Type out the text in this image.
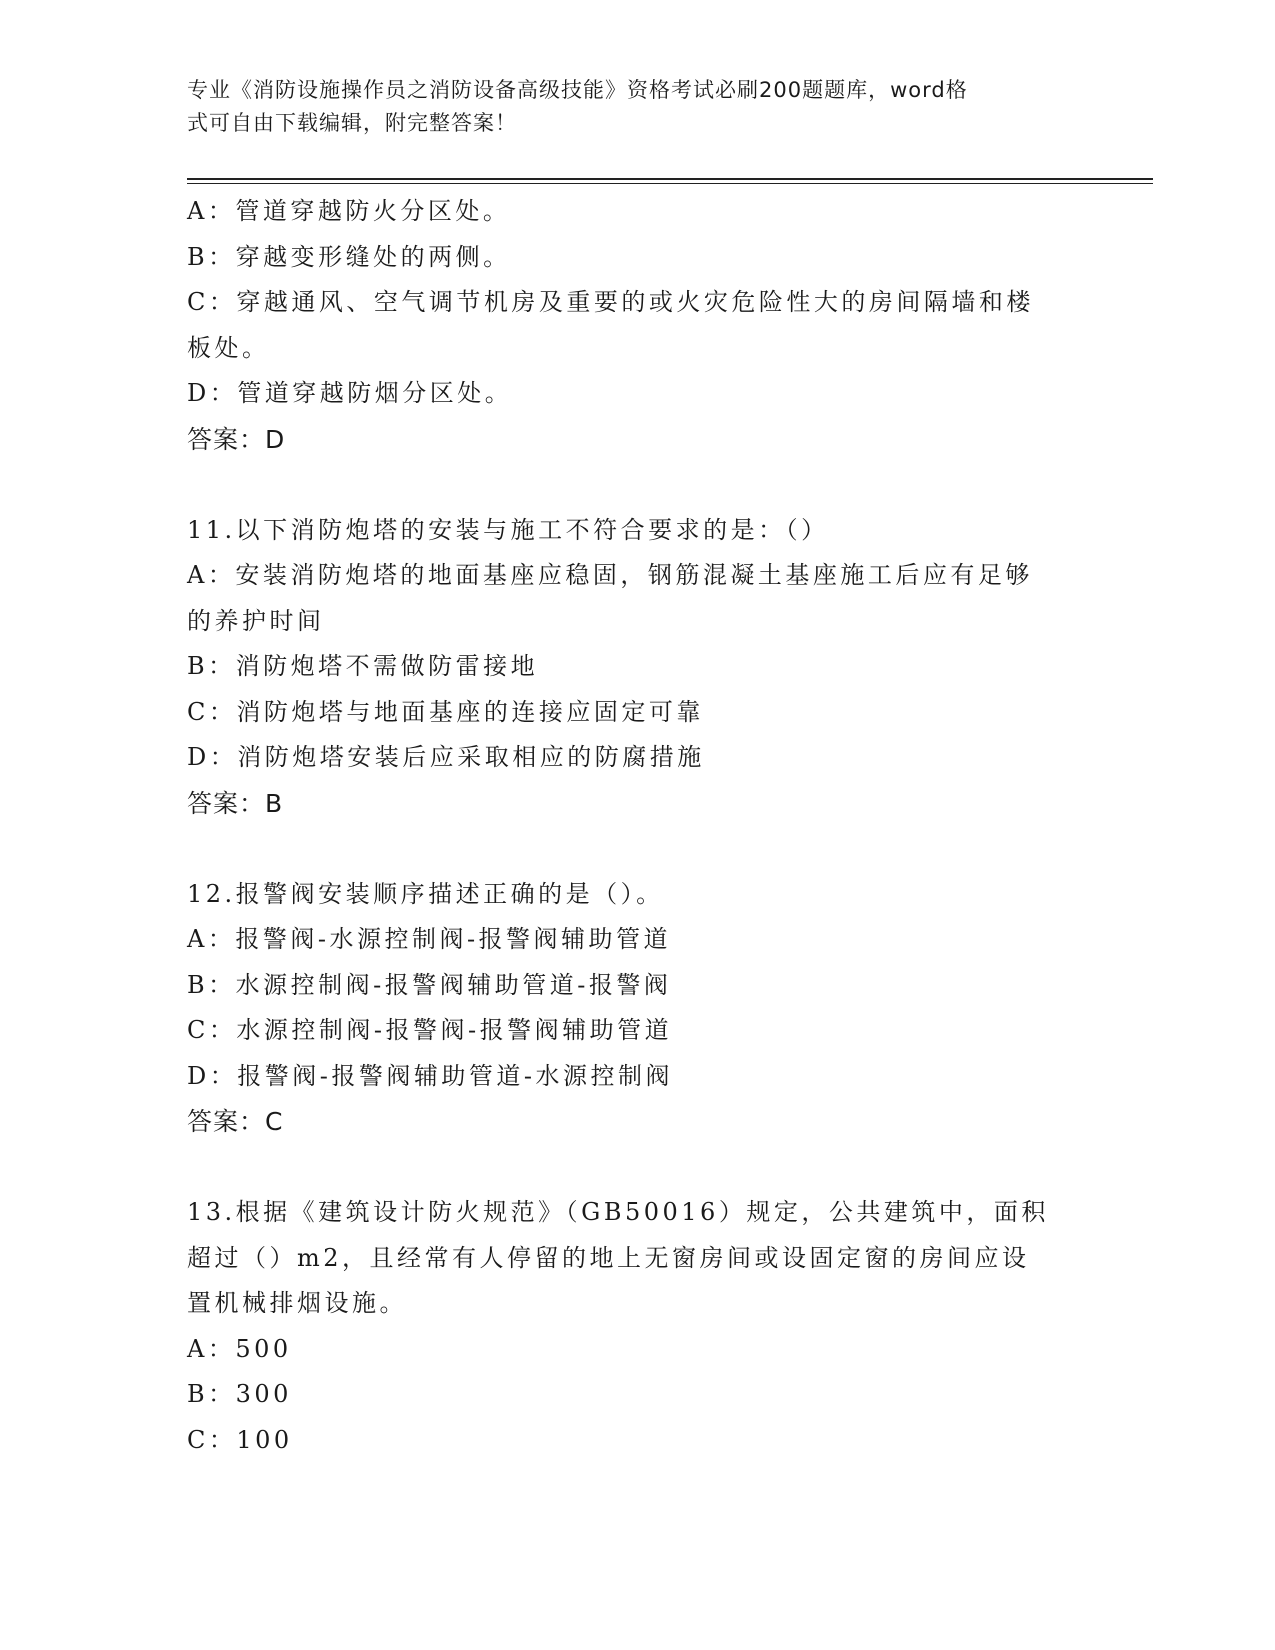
专业《消防设施操作员之消防设备高级技能》资格考试必刷200题题库，word格
式可自由下载编辑，附完整答案！
A：管道穿越防火分区处。
B：穿越变形缝处的两侧。
C：穿越通风、空气调节机房及重要的或火灾危险性大的房间隔墙和楼
板处。
D：管道穿越防烟分区处。
答案：D
11.以下消防炮塔的安装与施工不符合要求的是：（）
A：安装消防炮塔的地面基座应稳固，钢筋混凝土基座施工后应有足够
的养护时间
B：消防炮塔不需做防雷接地
C：消防炮塔与地面基座的连接应固定可靠
D：消防炮塔安装后应采取相应的防腐措施
答案：B
12.报警阀安装顺序描述正确的是（）。
A：报警阀-水源控制阀-报警阀辅助管道
B：水源控制阀-报警阀辅助管道-报警阀
C：水源控制阀-报警阀-报警阀辅助管道
D：报警阀-报警阀辅助管道-水源控制阀
答案：C
13.根据《建筑设计防火规范》（GB50016）规定，公共建筑中，面积
超过（）m2，且经常有人停留的地上无窗房间或设固定窗的房间应设
置机械排烟设施。
A：500
B：300
C：100
